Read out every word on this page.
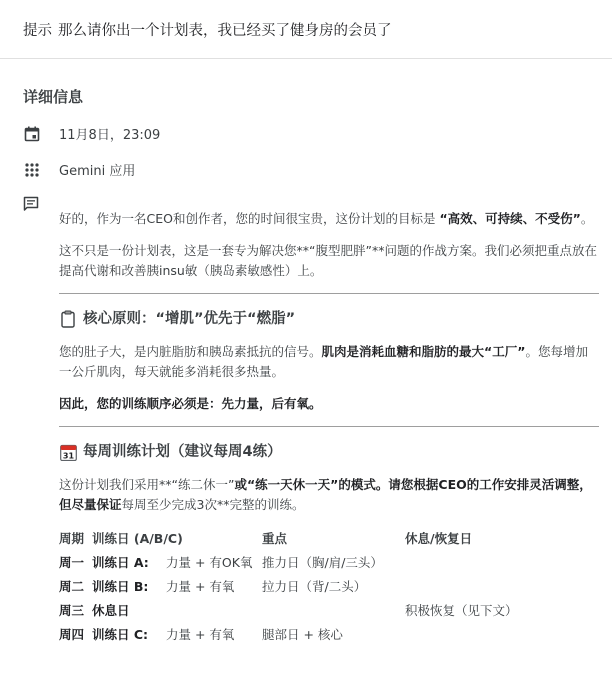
提示 那么请你出一个计划表，我已经买了健身房的会员了
详细信息
11月8日，23:09
Gemini 应用

好的，作为一名CEO和创作者，您的时间很宝贵，这份计划的目标是 “高效、可持续、不受伤”。

这不只是一份计划表，这是一套专为解决您**“腹型肥胖”**问题的作战方案。我们必须把重点放在提高代谢和改善胰insu敏（胰岛素敏感性）上。

核心原则：“增肌”优先于“燃脂”

您的肚子大，是内脏脂肪和胰岛素抵抗的信号。肌肉是消耗血糖和脂肪的最大“工厂”。您每增加一公斤肌肉，每天就能多消耗很多热量。

因此，您的训练顺序必须是：先力量，后有氧。

31 每周训练计划（建议每周4练）

这份计划我们采用**“练二休一”或“练一天休一天”的模式。请您根据CEO的工作安排灵活调整，但尽量保证每周至少完成3次**完整的训练。

周期	训练日 (A/B/C)		重点	休息/恢复日
周一	训练日 A:	力量 + 有OK氧	推力日（胸/肩/三头）	
周二	训练日 B:	力量 + 有氧	拉力日（背/二头）	
周三	休息日			积极恢复（见下文）
周四	训练日 C:	力量 + 有氧	腿部日 + 核心	
